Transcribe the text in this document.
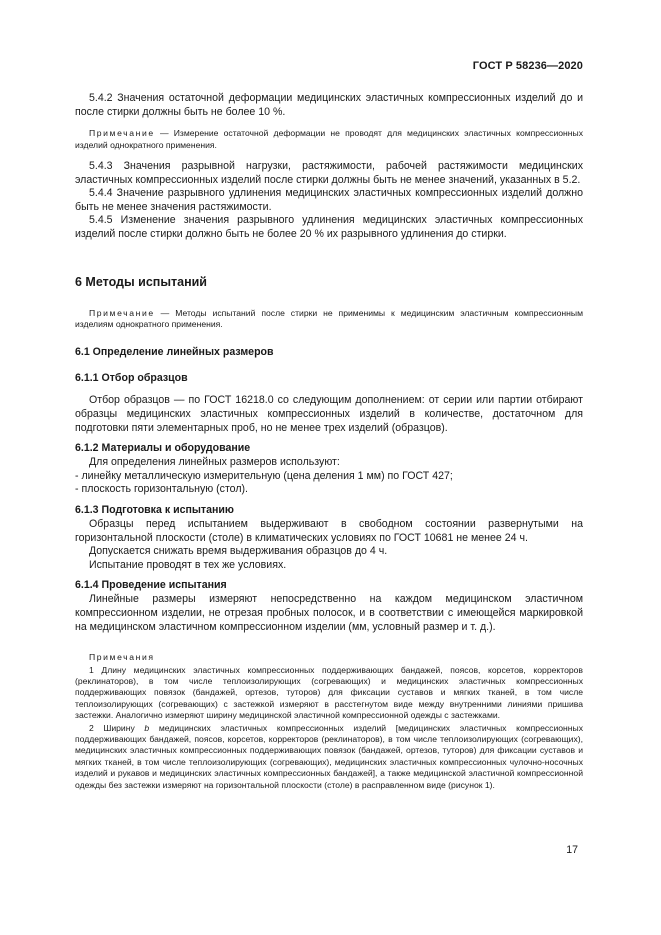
ГОСТ Р 58236—2020

5.4.2 Значения остаточной деформации медицинских эластичных компрессионных изделий до и после стирки должны быть не более 10 %.

Примечание — Измерение остаточной деформации не проводят для медицинских эластичных компрессионных изделий однократного применения.

5.4.3 Значения разрывной нагрузки, растяжимости, рабочей растяжимости медицинских эластичных компрессионных изделий после стирки должны быть не менее значений, указанных в 5.2.

5.4.4 Значение разрывного удлинения медицинских эластичных компрессионных изделий должно быть не менее значения растяжимости.

5.4.5 Изменение значения разрывного удлинения медицинских эластичных компрессионных изделий после стирки должно быть не более 20 % их разрывного удлинения до стирки.

6 Методы испытаний

Примечание — Методы испытаний после стирки не применимы к медицинским эластичным компрессионным изделиям однократного применения.

6.1 Определение линейных размеров

6.1.1 Отбор образцов

Отбор образцов — по ГОСТ 16218.0 со следующим дополнением: от серии или партии отбирают образцы медицинских эластичных компрессионных изделий в количестве, достаточном для подготовки пяти элементарных проб, но не менее трех изделий (образцов).

6.1.2 Материалы и оборудование

Для определения линейных размеров используют:

- линейку металлическую измерительную (цена деления 1 мм) по ГОСТ 427;

- плоскость горизонтальную (стол).

6.1.3 Подготовка к испытанию

Образцы перед испытанием выдерживают в свободном состоянии развернутыми на горизонтальной плоскости (столе) в климатических условиях по ГОСТ 10681 не менее 24 ч.

Допускается снижать время выдерживания образцов до 4 ч.

Испытание проводят в тех же условиях.

6.1.4 Проведение испытания

Линейные размеры измеряют непосредственно на каждом медицинском эластичном компрессионном изделии, не отрезая пробных полосок, и в соответствии с имеющейся маркировкой на медицинском эластичном компрессионном изделии (мм, условный размер и т. д.).

Примечания

1 Длину медицинских эластичных компрессионных поддерживающих бандажей, поясов, корсетов, корректоров (реклинаторов), в том числе теплоизолирующих (согревающих) и медицинских эластичных компрессионных поддерживающих повязок (бандажей, ортезов, туторов) для фиксации суставов и мягких тканей, в том числе теплоизолирующих (согревающих) с застежкой измеряют в расстегнутом виде между внутренними линиями пришива застежки. Аналогично измеряют ширину медицинской эластичной компрессионной одежды с застежками.

2 Ширину b медицинских эластичных компрессионных изделий [медицинских эластичных компрессионных поддерживающих бандажей, поясов, корсетов, корректоров (реклинаторов), в том числе теплоизолирующих (согревающих), медицинских эластичных компрессионных поддерживающих повязок (бандажей, ортезов, туторов) для фиксации суставов и мягких тканей, в том числе теплоизолирующих (согревающих), медицинских эластичных компрессионных чулочно-носочных изделий и рукавов и медицинских эластичных компрессионных бандажей], а также медицинской эластичной компрессионной одежды без застежки измеряют на горизонтальной плоскости (столе) в расправленном виде (рисунок 1).

17
